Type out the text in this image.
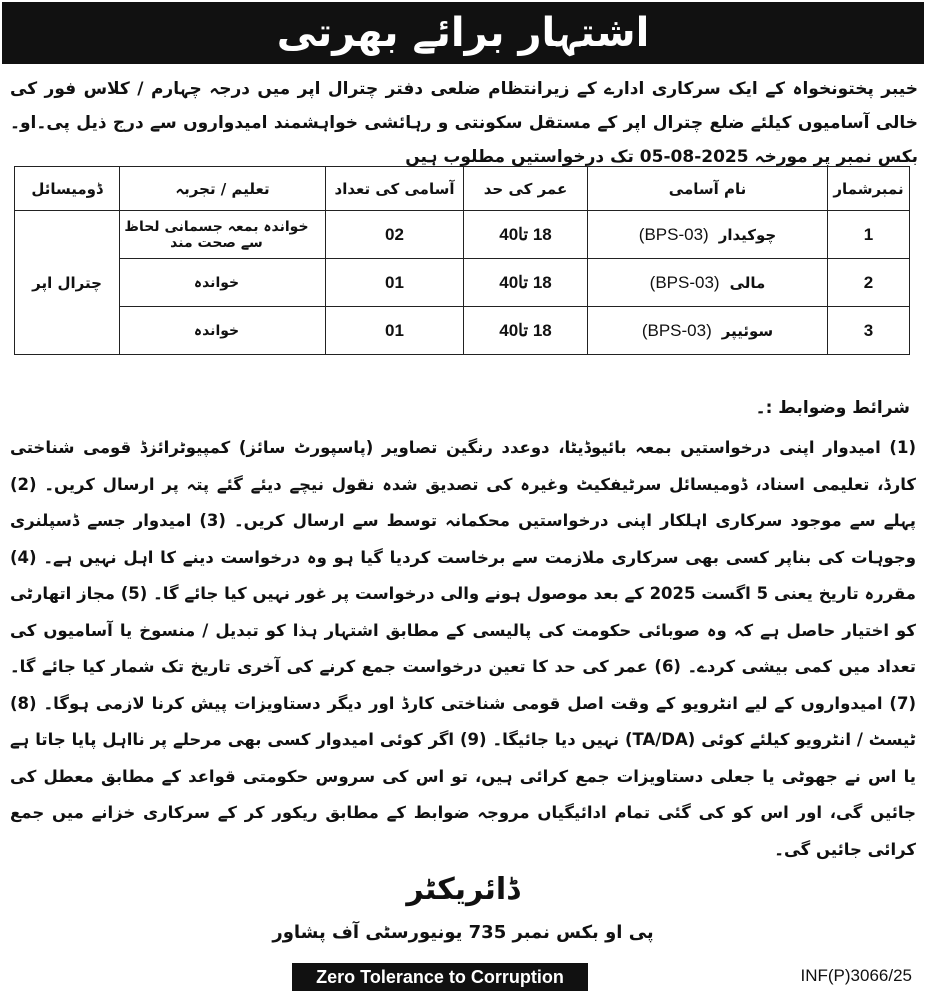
اشتہار برائے بھرتی

خیبر پختونخواہ کے ایک سرکاری ادارے کے زیرانتظام ضلعی دفتر چترال اپر میں درجہ چہارم / کلاس فور کی خالی آسامیوں کیلئے ضلع چترال اپر کے مستقل سکونتی و رہائشی خواہشمند امیدواروں سے درج ذیل پی۔او۔بکس نمبر پر مورخہ 2025-08-05 تک درخواستیں مطلوب ہیں

نمبرشمار	نام آسامی	عمر کی حد	آسامی کی تعداد	تعلیم / تجربہ	ڈومیسائل
1	چوکیدار(BPS-03)	18 تا40	02	خواندہ بمعہ جسمانی لحاظ سے صحت مند	چترال اپر
2	مالی(BPS-03)	18 تا40	01	خواندہ	
3	سوئیپر(BPS-03)	18 تا40	01	خواندہ	
شرائط وضوابط :۔

(1) امیدوار اپنی درخواستیں بمعہ بائیوڈیٹا، دوعدد رنگین تصاویر (پاسپورٹ سائز) کمپیوٹرائزڈ قومی شناختی کارڈ، تعلیمی اسناد، ڈومیسائل سرٹیفکیٹ وغیرہ کی تصدیق شدہ نقول نیچے دیئے گئے پتہ پر ارسال کریں۔ (2) پہلے سے موجود سرکاری اہلکار اپنی درخواستیں محکمانہ توسط سے ارسال کریں۔ (3) امیدوار جسے ڈسپلنری وجوہات کی بناپر کسی بھی سرکاری ملازمت سے برخاست کردیا گیا ہو وہ درخواست دینے کا اہل نہیں ہے۔ (4) مقررہ تاریخ یعنی 5 اگست 2025 کے بعد موصول ہونے والی درخواست پر غور نہیں کیا جائے گا۔ (5) مجاز اتھارٹی کو اختیار حاصل ہے کہ وہ صوبائی حکومت کی پالیسی کے مطابق اشتہار ہذا کو تبدیل / منسوخ یا آسامیوں کی تعداد میں کمی بیشی کردے۔ (6) عمر کی حد کا تعین درخواست جمع کرنے کی آخری تاریخ تک شمار کیا جائے گا۔ (7) امیدواروں کے لیے انٹرویو کے وقت اصل قومی شناختی کارڈ اور دیگر دستاویزات پیش کرنا لازمی ہوگا۔ (8) ٹیسٹ / انٹرویو کیلئے کوئی (TA/DA) نہیں دیا جائیگا۔ (9) اگر کوئی امیدوار کسی بھی مرحلے پر نااہل پایا جاتا ہے یا اس نے جھوٹی یا جعلی دستاویزات جمع کرائی ہیں، تو اس کی سروس حکومتی قواعد کے مطابق معطل کی جائیں گی، اور اس کو کی گئی تمام ادائیگیاں مروجہ ضوابط کے مطابق ریکور کر کے سرکاری خزانے میں جمع کرائی جائیں گی۔

ڈائریکٹر
پی او بکس نمبر 735 یونیورسٹی آف پشاور
Zero Tolerance to Corruption	INF(P)3066/25
